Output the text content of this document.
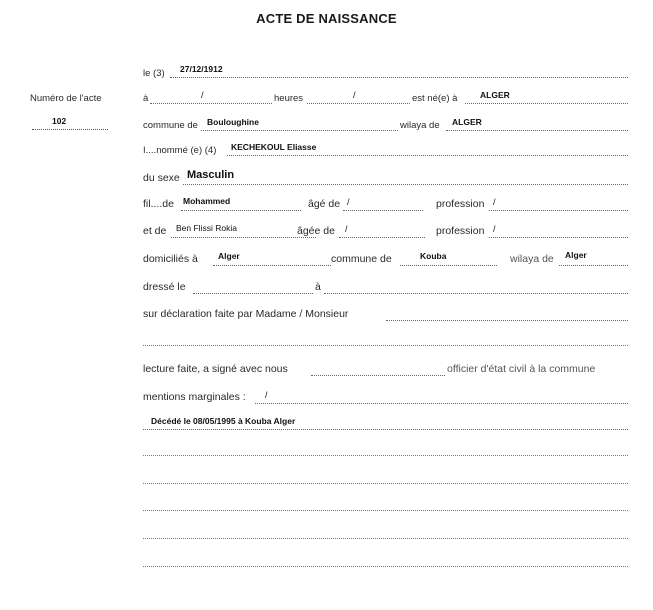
ACTE DE NAISSANCE
Numéro de l'acte
102
le (3) 27/12/1912
à	/	heures	/	est né(e) à	ALGER
commune de Bouloughine	wilaya de ALGER
I....nommé (e) (4) KECHEKOUL Eliasse
du sexe Masculin
fil....de Mohammed	âgé de /	profession /
et de Ben Flissi Rokia	âgée de /	profession /
domiciliés à Alger	commune de	Kouba	wilaya de Alger
dressé le	à
sur déclaration faite par Madame / Monsieur
lecture faite, a signé avec nous	officier d'état civil à la commune
mentions marginales : /
Décédé le 08/05/1995 à Kouba Alger
